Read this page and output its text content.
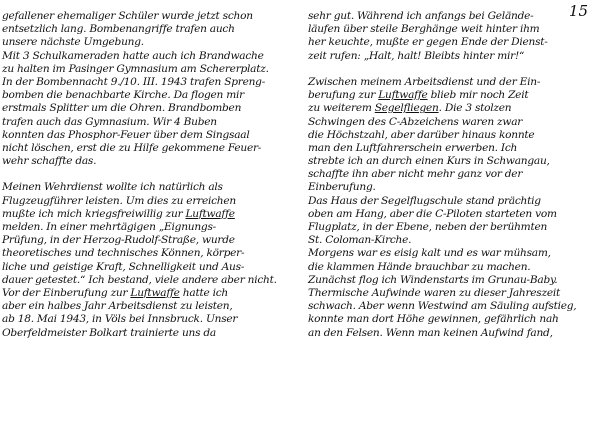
15
gefallener ehemaliger Schüler wurde jetzt schon
entsetzlich lang. Bombenangriffe trafen auch
unsere nächste Umgebung.
Mit 3 Schulkameraden hatte auch ich Brandwache
zu halten im Pasinger Gymnasium am Schererplatz.
In der Bombennacht 9./10. III. 1943 trafen Spreng-
bomben die benachbarte Kirche. Da flogen mir
erstmals Splitter um die Ohren. Brandbomben
trafen auch das Gymnasium. Wir 4 Buben
konnten das Phosphor-Feuer über dem Singsaal
nicht löschen, erst die zu Hilfe gekommene Feuer-
wehr schaffte das.
Meinen Wehrdienst wollte ich natürlich als
Flugzeugführer leisten. Um dies zu erreichen
mußte ich mich kriegsfreiwillig zur Luftwaffe
melden. In einer mehrtägigen „Eignungs-
Prüfung, in der Herzog-Rudolf-Straße, wurde
theoretisches und technisches Können, körper-
liche und geistige Kraft, Schnelligkeit und Aus-
dauer getestet.“ Ich bestand, viele andere aber nicht.
Vor der Einberufung zur Luftwaffe hatte ich
aber ein halbes Jahr Arbeitsdienst zu leisten,
ab 18. Mai 1943, in Völs bei Innsbruck. Unser
Oberfeldmeister Bolkart trainierte uns da
sehr gut. Während ich anfangs bei Gelände-
läufen über steile Berghänge weit hinter ihm
her keuchte, mußte er gegen Ende der Dienst-
zeit rufen: „Halt, halt! Bleibts hinter mir!“
Zwischen meinem Arbeitsdienst und der Ein-
berufung zur Luftwaffe blieb mir noch Zeit
zu weiterem Segelfliegen. Die 3 stolzen
Schwingen des C-Abzeichens waren zwar
die Höchstzahl, aber darüber hinaus konnte
man den Luftfahrerschein erwerben. Ich
strebte ich an durch einen Kurs in Schwangau,
schaffte ihn aber nicht mehr ganz vor der
Einberufung.
Das Haus der Segelflugschule stand prächtig
oben am Hang, aber die C-Piloten starteten vom
Flugplatz, in der Ebene, neben der berühmten
St. Coloman-Kirche.
Morgens war es eisig kalt und es war mühsam,
die klammen Hände brauchbar zu machen.
Zunächst flog ich Windenstarts im Grunau-Baby.
Thermische Aufwinde waren zu dieser Jahreszeit
schwach. Aber wenn Westwind am Säuling aufstieg,
konnte man dort Höhe gewinnen, gefährlich nah
an den Felsen. Wenn man keinen Aufwind fand,
